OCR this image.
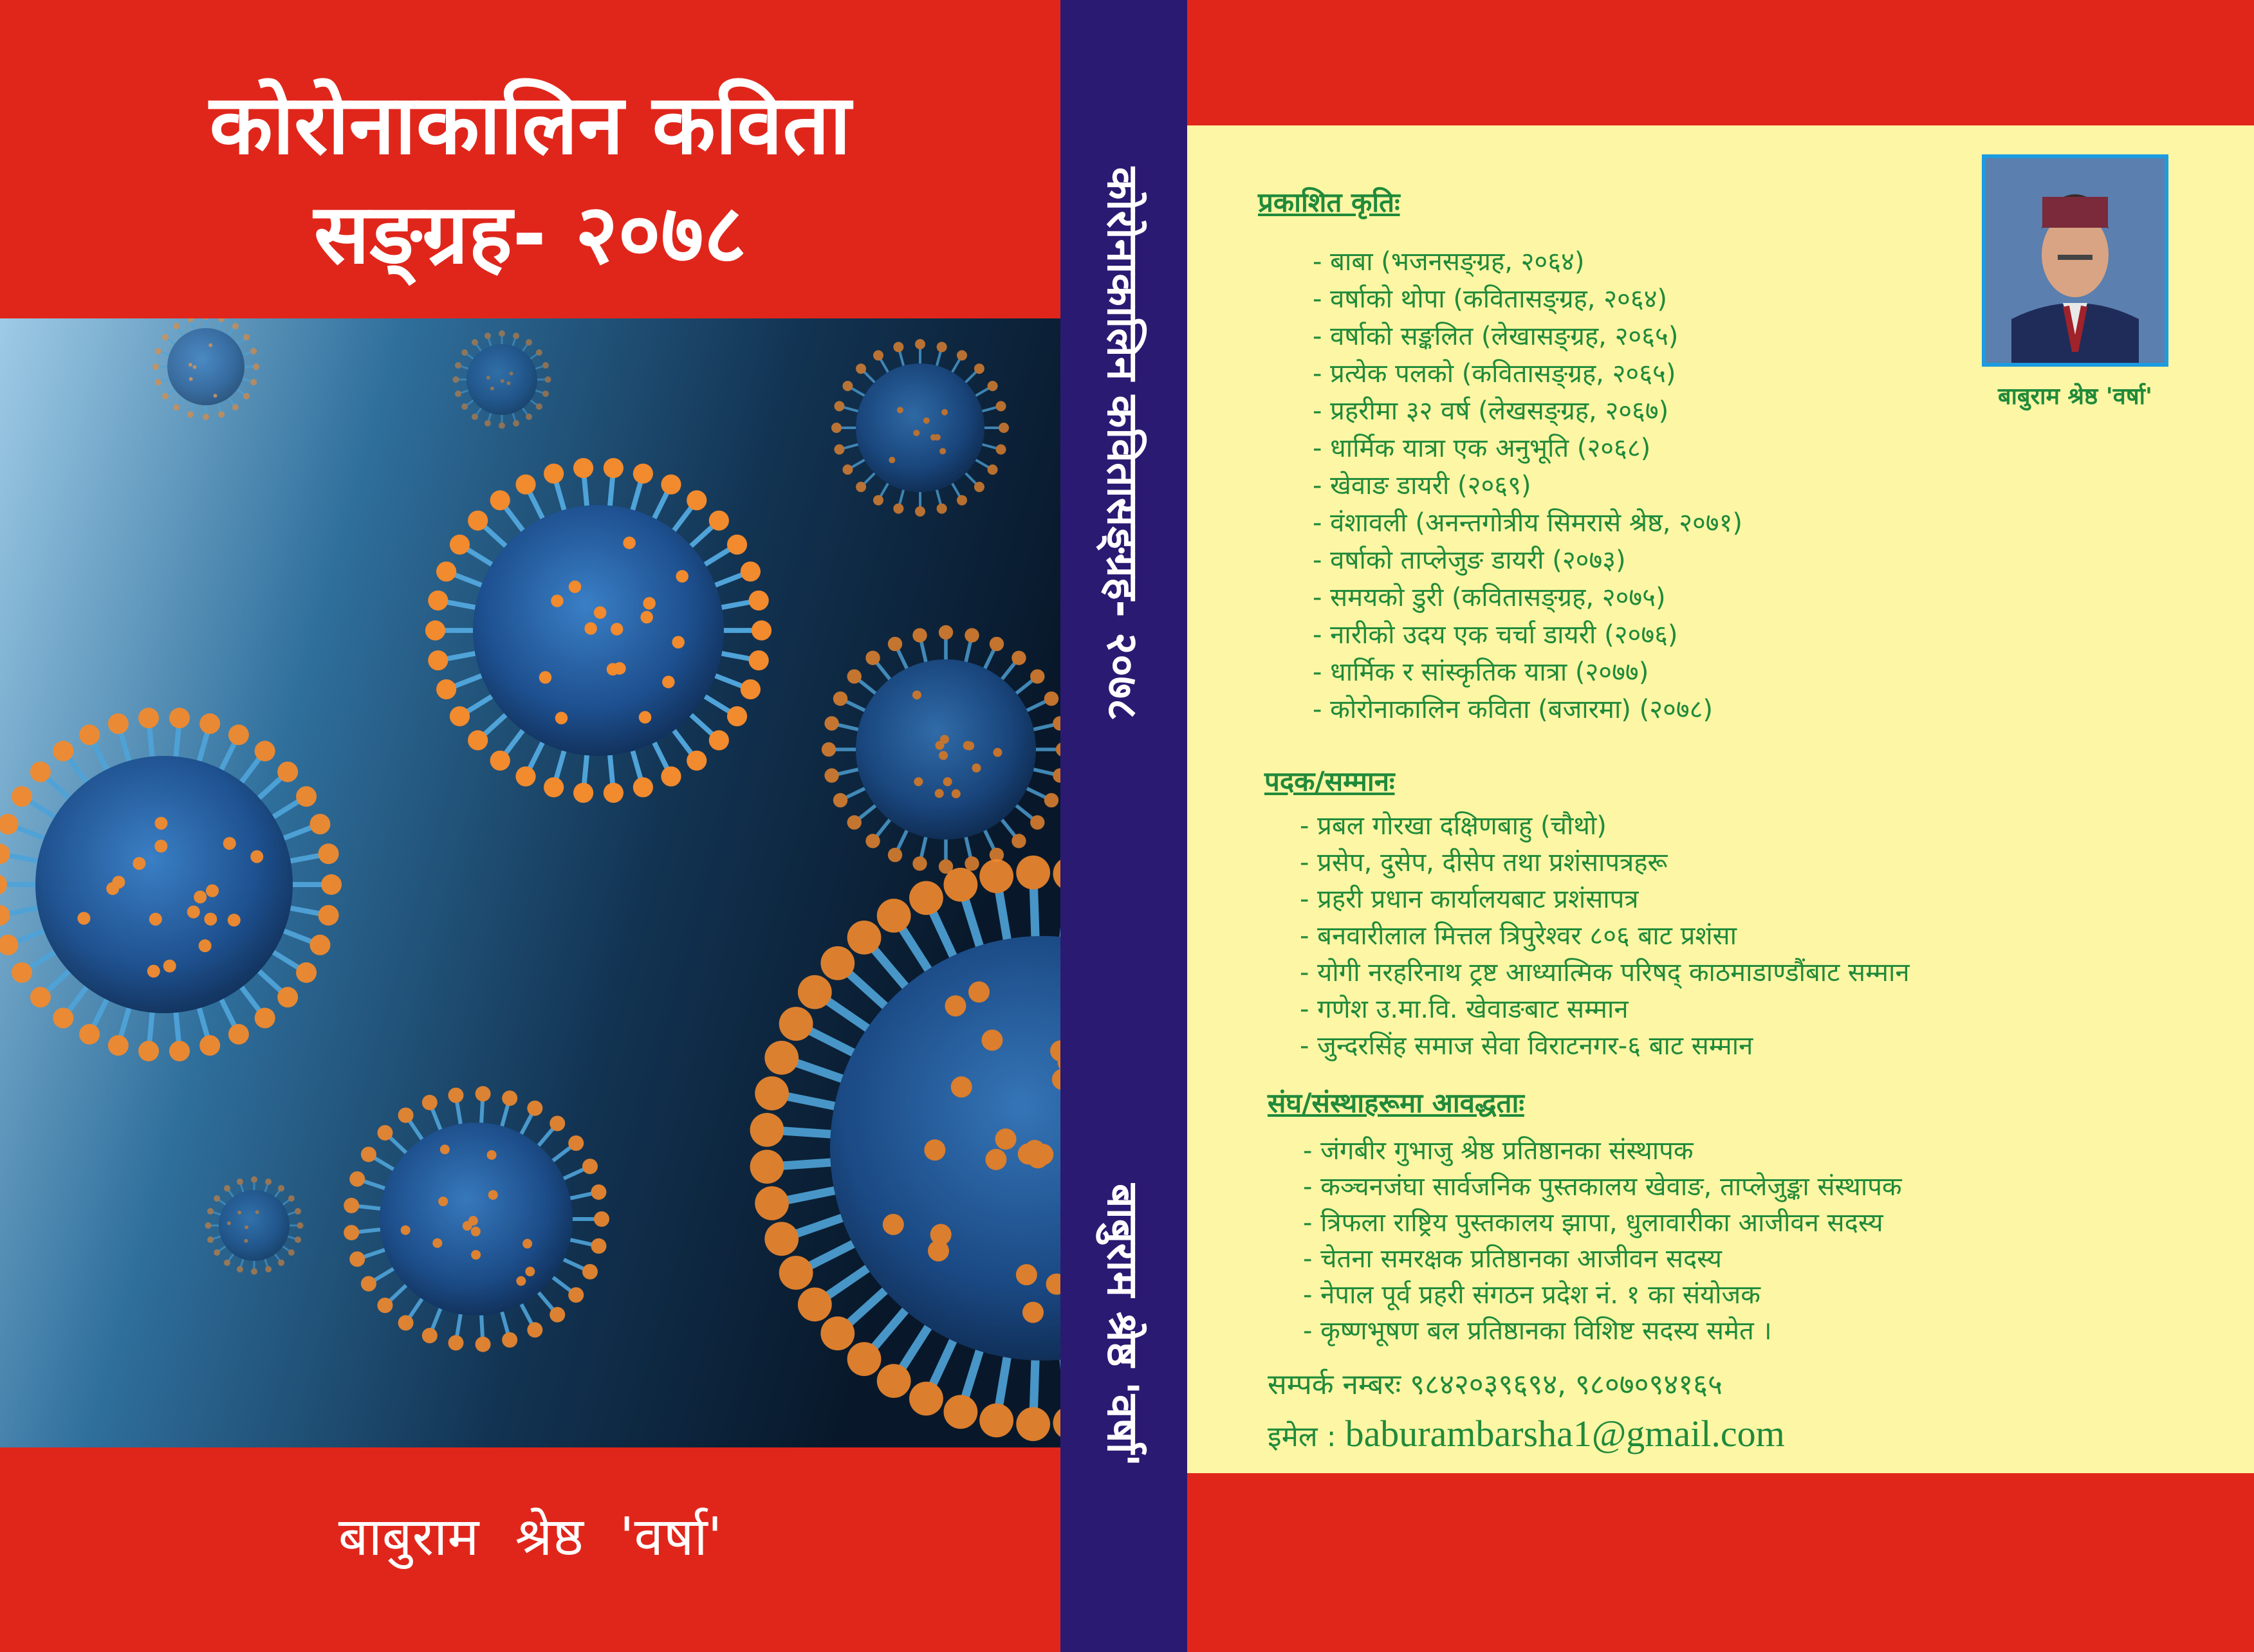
कोरोनाकालिन कविता
सङ्ग्रह- २०७८
बाबुराम श्रेष्ठ 'वर्षा'
कोरोनाकालिन कवितासङ्ग्रह- २०७८
बाबुराम श्रेष्ठ 'वर्षा'
बाबुराम श्रेष्ठ 'वर्षा'
प्रकाशित कृतिः
- बाबा (भजनसङ्ग्रह, २०६४)
- वर्षाको थोपा (कवितासङ्ग्रह, २०६४)
- वर्षाको सङ्कलित (लेखासङ्ग्रह, २०६५)
- प्रत्येक पलको (कवितासङ्ग्रह, २०६५)
- प्रहरीमा ३२ वर्ष (लेखसङ्ग्रह, २०६७)
- धार्मिक यात्रा एक अनुभूति (२०६८)
- खेवाङ डायरी (२०६९)
- वंशावली (अनन्तगोत्रीय सिमरासे श्रेष्ठ, २०७१)
- वर्षाको ताप्लेजुङ डायरी (२०७३)
- समयको डुरी (कवितासङ्ग्रह, २०७५)
- नारीको उदय एक चर्चा डायरी (२०७६)
- धार्मिक र सांस्कृतिक यात्रा (२०७७)
- कोरोनाकालिन कविता (बजारमा) (२०७८)
पदक/सम्मानः
- प्रबल गोरखा दक्षिणबाहु (चौथो)
- प्रसेप, दुसेप, दीसेप तथा प्रशंसापत्रहरू
- प्रहरी प्रधान कार्यालयबाट प्रशंसापत्र
- बनवारीलाल मित्तल त्रिपुरेश्वर ८०६ बाट प्रशंसा
- योगी नरहरिनाथ ट्रष्ट आध्यात्मिक परिषद् काठमाडाण्डौंबाट सम्मान
- गणेश उ.मा.वि. खेवाङबाट सम्मान
- जुन्दरसिंह समाज सेवा विराटनगर-६ बाट सम्मान
संघ/संस्थाहरूमा आवद्धताः
- जंगबीर गुभाजु श्रेष्ठ प्रतिष्ठानका संस्थापक
- कञ्चनजंघा सार्वजनिक पुस्तकालय खेवाङ, ताप्लेजुङ्का संस्थापक
- त्रिफला राष्ट्रिय पुस्तकालय झापा, धुलावारीका आजीवन सदस्य
- चेतना समरक्षक प्रतिष्ठानका आजीवन सदस्य
- नेपाल पूर्व प्रहरी संगठन प्रदेश नं. १ का संयोजक
- कृष्णभूषण बल प्रतिष्ठानका विशिष्ट सदस्य समेत ।
सम्पर्क नम्बरः ९८४२०३९६९४, ९८०७०९४१६५
इमेल : baburambarsha1@gmail.com
